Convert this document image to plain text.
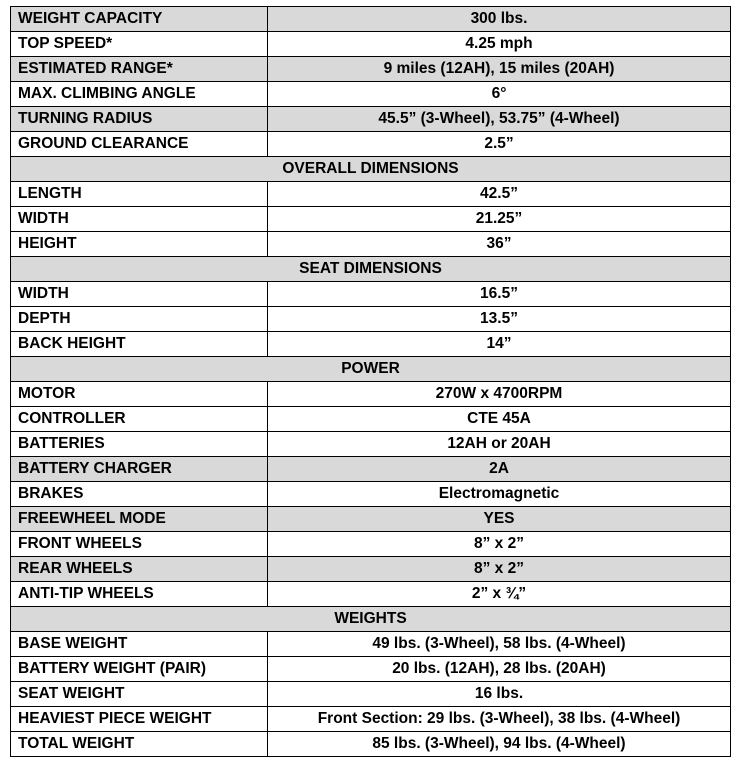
WEIGHT CAPACITY	300 lbs.
TOP SPEED*	4.25 mph
ESTIMATED RANGE*	9 miles (12AH), 15 miles (20AH)
MAX. CLIMBING ANGLE	6°
TURNING RADIUS	45.5” (3-Wheel), 53.75” (4-Wheel)
GROUND CLEARANCE	2.5”
OVERALL DIMENSIONS	
LENGTH	42.5”
WIDTH	21.25”
HEIGHT	36”
SEAT DIMENSIONS	
WIDTH	16.5”
DEPTH	13.5”
BACK HEIGHT	14”
POWER	
MOTOR	270W x 4700RPM
CONTROLLER	CTE 45A
BATTERIES	12AH or 20AH
BATTERY CHARGER	2A
BRAKES	Electromagnetic
FREEWHEEL MODE	YES
FRONT WHEELS	8” x 2”
REAR WHEELS	8” x 2”
ANTI-TIP WHEELS	2” x ¾”
WEIGHTS	
BASE WEIGHT	49 lbs. (3-Wheel), 58 lbs. (4-Wheel)
BATTERY WEIGHT (PAIR)	20 lbs. (12AH), 28 lbs. (20AH)
SEAT WEIGHT	16 lbs.
HEAVIEST PIECE WEIGHT	Front Section: 29 lbs. (3-Wheel), 38 lbs. (4-Wheel)
TOTAL WEIGHT	85 lbs. (3-Wheel), 94 lbs. (4-Wheel)
